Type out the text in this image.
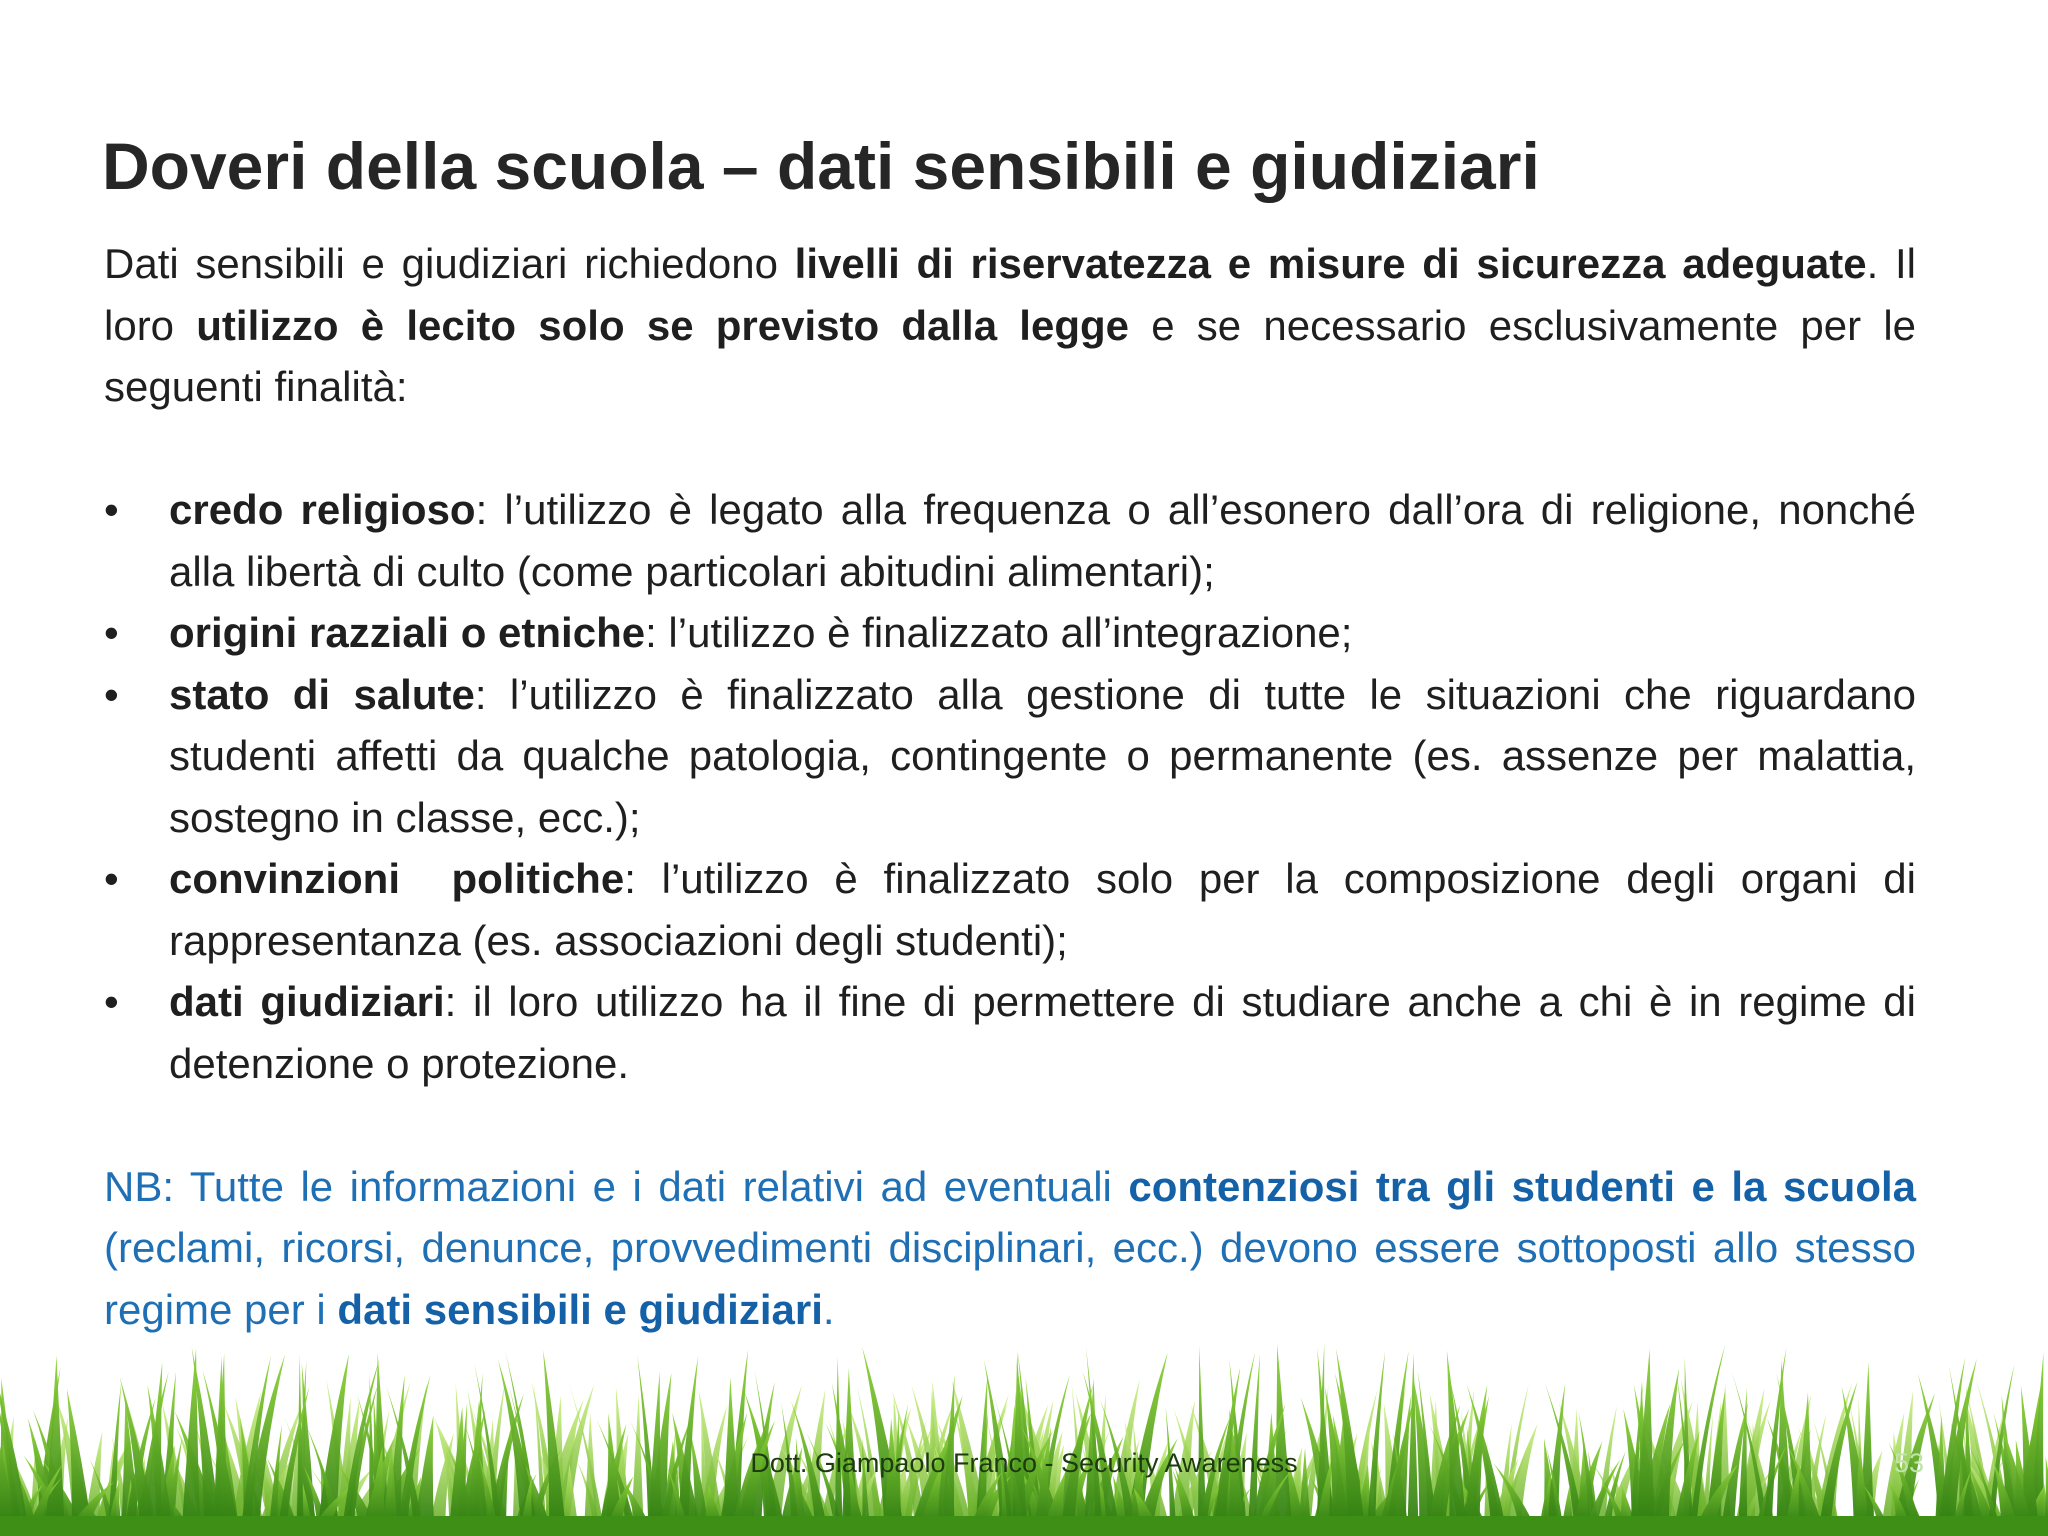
Doveri della scuola – dati sensibili e giudiziari

Dati sensibili e giudiziari richiedono livelli di riservatezza e misure di sicurezza adeguate. Il loro utilizzo è lecito solo se previsto dalla legge e se necessario esclusivamente per le seguenti finalità:

• credo religioso: l’utilizzo è legato alla frequenza o all’esonero dall’ora di religione, nonché alla libertà di culto (come particolari abitudini alimentari);
• origini razziali o etniche: l’utilizzo è finalizzato all’integrazione;
• stato di salute: l’utilizzo è finalizzato alla gestione di tutte le situazioni che riguardano studenti affetti da qualche patologia, contingente o permanente (es. assenze per malattia, sostegno in classe, ecc.);
• convinzioni  politiche: l’utilizzo è finalizzato solo per la composizione degli organi di rappresentanza (es. associazioni degli studenti);
• dati giudiziari: il loro utilizzo ha il fine di permettere di studiare anche a chi è in regime di detenzione o protezione.

NB: Tutte le informazioni e i dati relativi ad eventuali contenziosi tra gli studenti e la scuola (reclami, ricorsi, denunce, provvedimenti disciplinari, ecc.) devono essere sottoposti allo stesso regime per i dati sensibili e giudiziari.

Dott. Giampaolo Franco - Security Awareness	53
